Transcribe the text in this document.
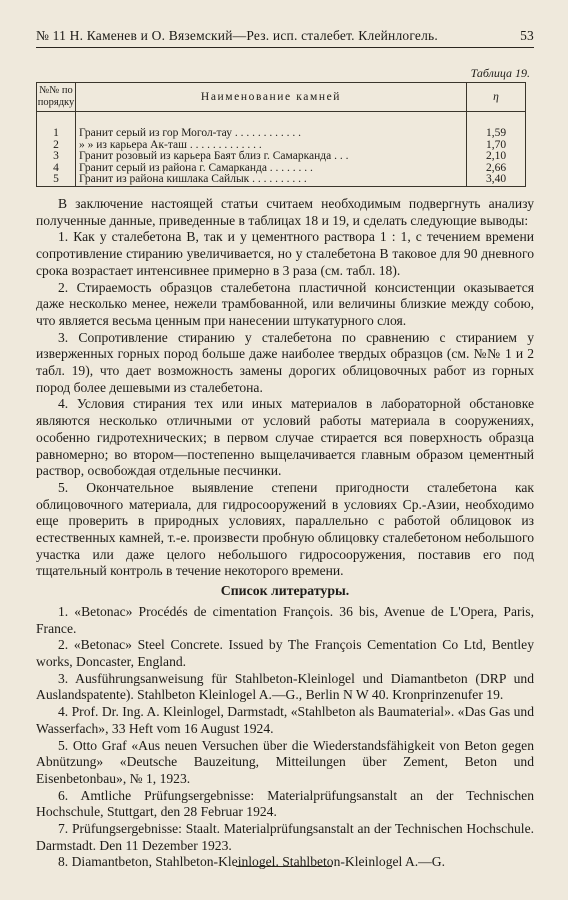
№ 11 Н. Каменев и О. Вяземский—Рез. исп. сталебет. Клейнлогель.	53
Таблица 19.
№№ по порядку	Наименование камней	η

1	Гранит серый из гор Могол-тау . . . . . . . . . . . .	1,59
2	» » из карьера Ак-таш . . . . . . . . . . . . .	1,70
3	Гранит розовый из карьера Баят близ г. Самарканда . . .	2,10
4	Гранит серый из района г. Самарканда . . . . . . . .	2,66
5	Гранит из района кишлака Сайлык . . . . . . . . . .	3,40

В заключение настоящей статьи считаем необходимым подвергнуть анализу полученные данные, приведенные в таблицах 18 и 19, и сделать следующие выводы:

1. Как у сталебетона В, так и у цементного раствора 1 : 1, с течением времени сопротивление стиранию увеличивается, но у сталебетона В таковое для 90 дневного срока возрастает интенсивнее примерно в 3 раза (см. табл. 18).

2. Стираемость образцов сталебетона пластичной консистенции оказывается даже несколько менее, нежели трамбованной, или величины близкие между собою, что является весьма ценным при нанесении штукатурного слоя.

3. Сопротивление стиранию у сталебетона по сравнению с стиранием у изверженных горных пород больше даже наиболее твердых образцов (см. №№ 1 и 2 табл. 19), что дает возможность замены дорогих облицовочных работ из горных пород более дешевыми из сталебетона.

4. Условия стирания тех или иных материалов в лабораторной обстановке являются несколько отличными от условий работы материала в сооружениях, особенно гидротехнических; в первом случае стирается вся поверхность образца равномерно; во втором—постепенно выщелачивается главным образом цементный раствор, освобождая отдельные песчинки.

5. Окончательное выявление степени пригодности сталебетона как облицовочного материала, для гидросооружений в условиях Ср.-Азии, необходимо еще проверить в природных условиях, параллельно с работой облицовок из естественных камней, т.-е. произвести пробную облицовку сталебетоном небольшого участка или даже целого небольшого гидросооружения, поставив его под тщательный контроль в течение некоторого времени.

Список литературы.

1. «Betonac» Procédés de cimentation François. 36 bis, Avenue de L'Opera, Paris, France.

2. «Betonac» Steel Concrete. Issued by The François Cementation Co Ltd, Bentley works, Doncaster, England.

3. Ausführungsanweisung für Stahlbeton-Kleinlogel und Diamantbeton (DRP und Auslandspatente). Stahlbeton Kleinlogel A.—G., Berlin N W 40. Kronprinzenufer 19.

4. Prof. Dr. Ing. A. Kleinlogel, Darmstadt, «Stahlbeton als Baumaterial». «Das Gas und Wasserfach», 33 Heft vom 16 August 1924.

5. Otto Graf «Aus neuen Versuchen über die Wiederstandsfähigkeit von Beton gegen Abnützung» «Deutsche Bauzeitung, Mitteilungen über Zement, Beton und Eisenbetonbau», № 1, 1923.

6. Amtliche Prüfungsergebnisse: Materialprüfungsanstalt an der Technischen Hochschule, Stuttgart, den 28 Februar 1924.

7. Prüfungsergebnisse: Staalt. Materialprüfungsanstalt an der Technischen Hochschule. Darmstadt. Den 11 Dezember 1923.

8. Diamantbeton, Stahlbeton-Kleinlogel. Stahlbeton-Kleinlogel A.—G.
